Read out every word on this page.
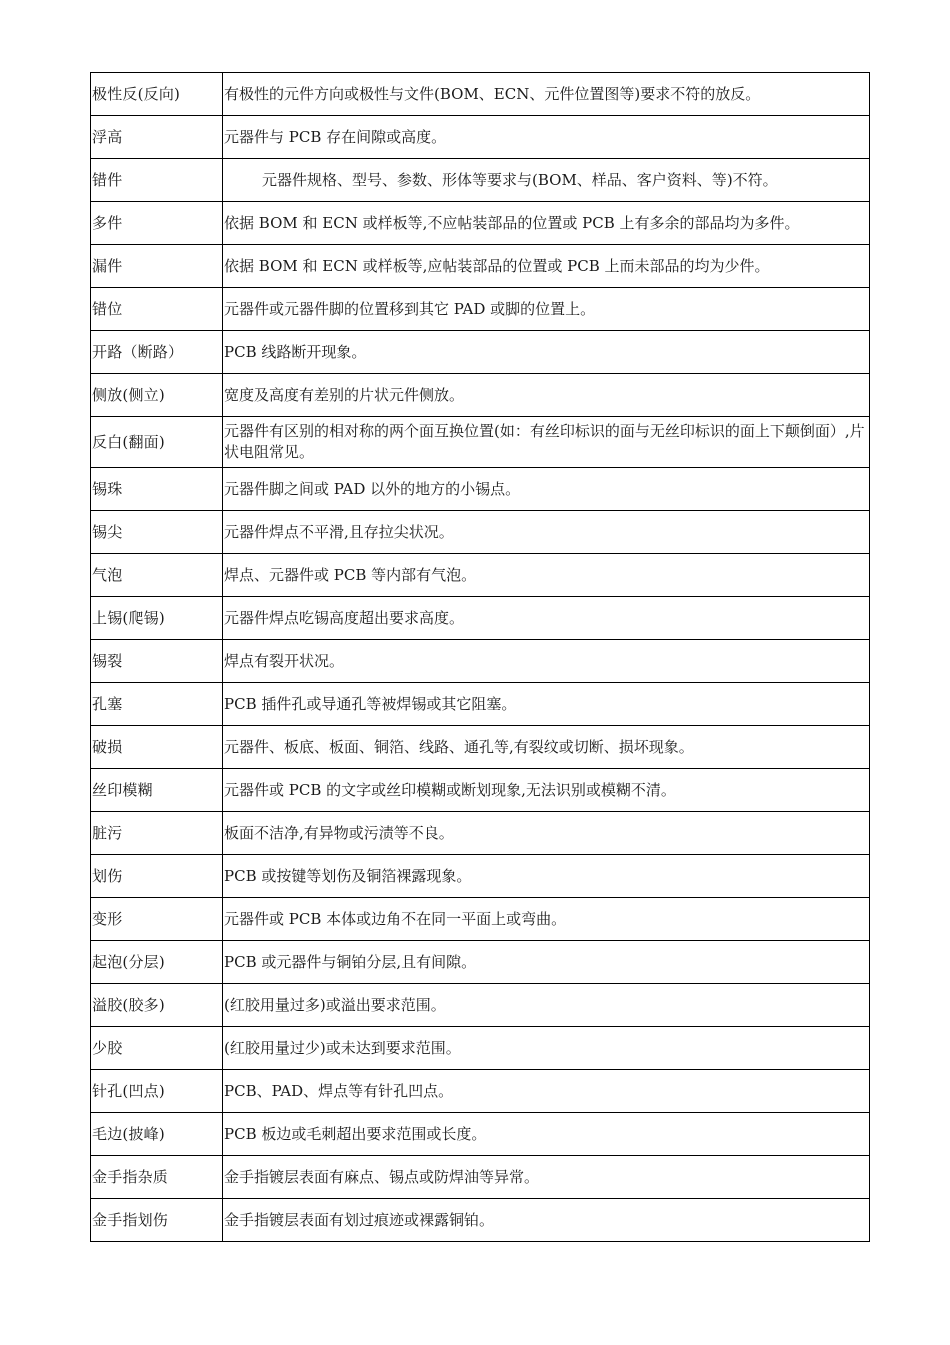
极性反(反向)	有极性的元件方向或极性与文件(BOM、ECN、元件位置图等)要求不符的放反。
浮高	元器件与 PCB 存在间隙或高度。
错件	元器件规格、型号、参数、形体等要求与(BOM、样品、客户资料、等)不符。
多件	依据 BOM 和 ECN 或样板等,不应帖装部品的位置或 PCB 上有多余的部品均为多件。
漏件	依据 BOM 和 ECN 或样板等,应帖装部品的位置或 PCB 上而未部品的均为少件。
错位	元器件或元器件脚的位置移到其它 PAD 或脚的位置上。
开路（断路）	PCB 线路断开现象。
侧放(侧立)	宽度及高度有差别的片状元件侧放。
反白(翻面)	元器件有区别的相对称的两个面互换位置(如：有丝印标识的面与无丝印标识的面上下颠倒面）,片状电阻常见。
锡珠	元器件脚之间或 PAD 以外的地方的小锡点。
锡尖	元器件焊点不平滑,且存拉尖状况。
气泡	焊点、元器件或 PCB 等内部有气泡。
上锡(爬锡)	元器件焊点吃锡高度超出要求高度。
锡裂	焊点有裂开状况。
孔塞	PCB 插件孔或导通孔等被焊锡或其它阻塞。
破损	元器件、板底、板面、铜箔、线路、通孔等,有裂纹或切断、损坏现象。
丝印模糊	元器件或 PCB 的文字或丝印模糊或断划现象,无法识别或模糊不清。
脏污	板面不洁净,有异物或污渍等不良。
划伤	PCB 或按键等划伤及铜箔裸露现象。
变形	元器件或 PCB 本体或边角不在同一平面上或弯曲。
起泡(分层)	PCB 或元器件与铜铂分层,且有间隙。
溢胶(胶多)	(红胶用量过多)或溢出要求范围。
少胶	(红胶用量过少)或未达到要求范围。
针孔(凹点)	PCB、PAD、焊点等有针孔凹点。
毛边(披峰)	PCB 板边或毛刺超出要求范围或长度。
金手指杂质	金手指镀层表面有麻点、锡点或防焊油等异常。
金手指划伤	金手指镀层表面有划过痕迹或裸露铜铂。
